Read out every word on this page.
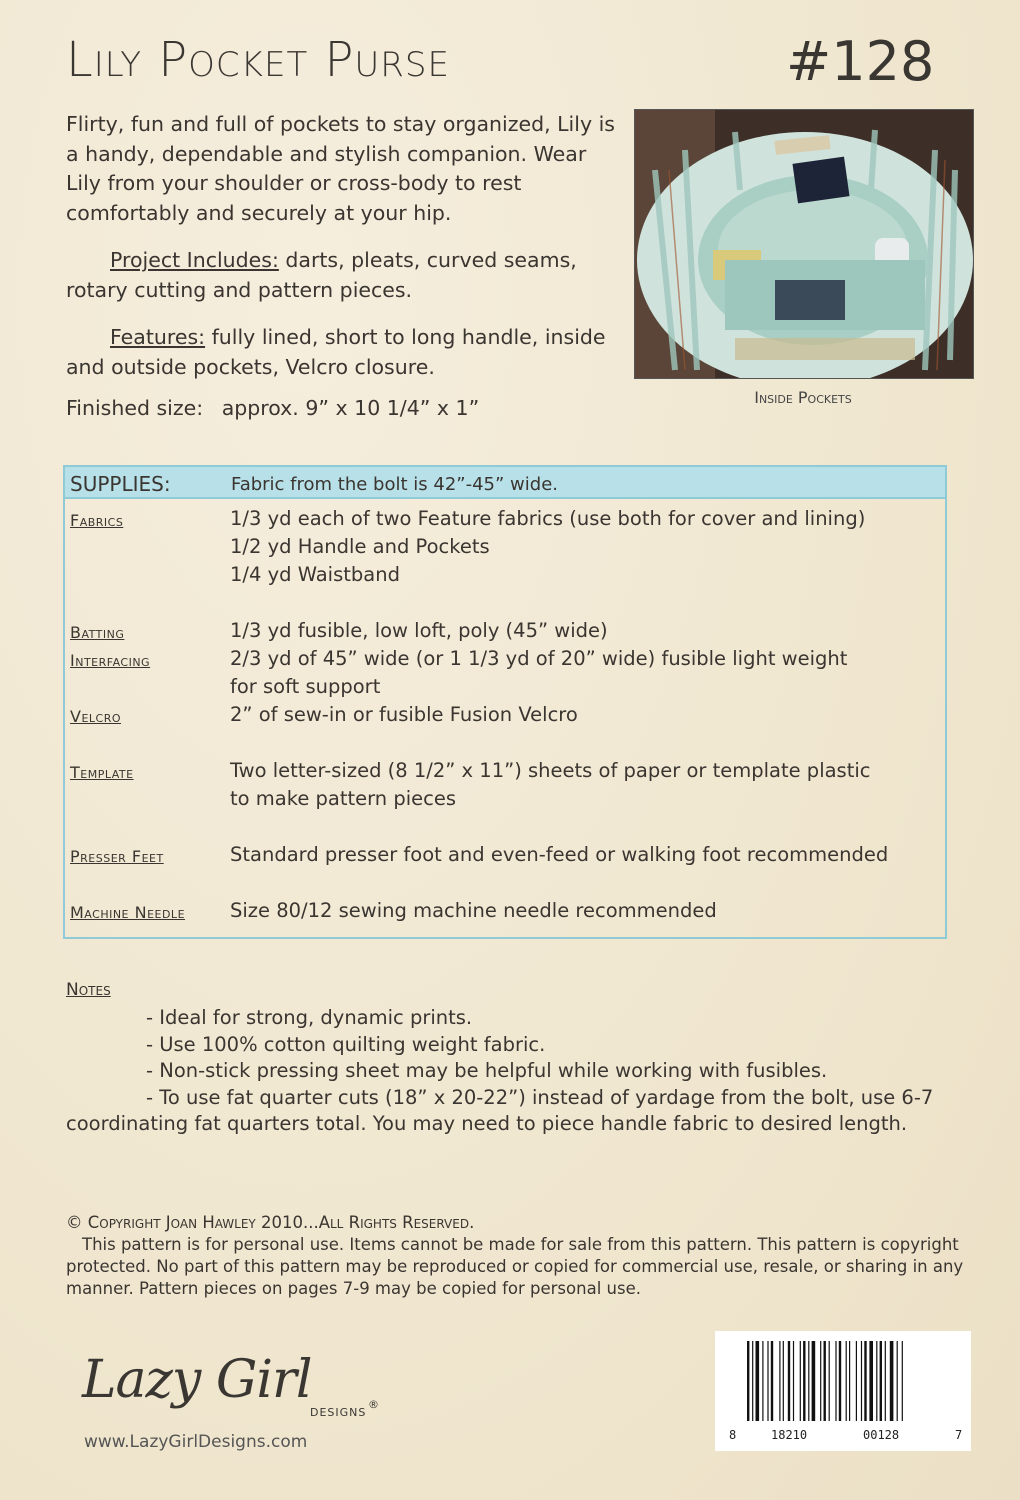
Lily Pocket Purse	#128

Flirty, fun and full of pockets to stay organized, Lily is a handy, dependable and stylish companion. Wear Lily from your shoulder or cross-body to rest comfortably and securely at your hip.

Project Includes: darts, pleats, curved seams, rotary cutting and pattern pieces.

Features: fully lined, short to long handle, inside and outside pockets, Velcro closure.

Finished size: approx. 9” x 10 1/4” x 1”	Inside Pockets
SUPPLIES:	Fabric from the bolt is 42”-45” wide.
Fabrics	1/3 yd each of two Feature fabrics (use both for cover and lining)
1/2 yd Handle and Pockets
1/4 yd Waistband
Batting	1/3 yd fusible, low loft, poly (45” wide)
Interfacing	2/3 yd of 45” wide (or 1 1/3 yd of 20” wide) fusible light weight
for soft support
Velcro	2” of sew-in or fusible Fusion Velcro
Template	Two letter-sized (8 1/2” x 11”) sheets of paper or template plastic
to make pattern pieces
Presser Feet	Standard presser foot and even-feed or walking foot recommended
Machine Needle Size 80/12 sewing machine needle recommended
Notes
- Ideal for strong, dynamic prints.
- Use 100% cotton quilting weight fabric.
- Non-stick pressing sheet may be helpful while working with fusibles.
- To use fat quarter cuts (18” x 20-22”) instead of yardage from the bolt, use 6-7 coordinating fat quarters total. You may need to piece handle fabric to desired length.
© Copyright Joan Hawley 2010...All Rights Reserved.
This pattern is for personal use. Items cannot be made for sale from this pattern. This pattern is copyright protected. No part of this pattern may be reproduced or copied for commercial use, resale, or sharing in any manner. Pattern pieces on pages 7-9 may be copied for personal use.
Lazy Girl
DESIGNS
®
www.LazyGirlDesigns.com	8	18210	00128	7
